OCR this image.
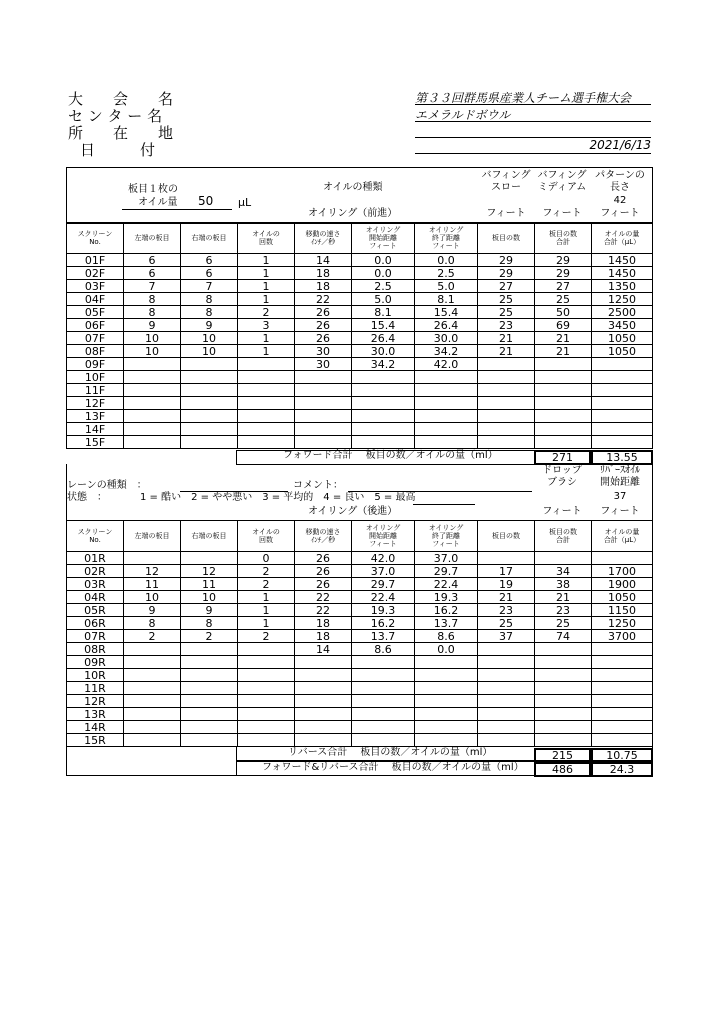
大　　会　　名
セ ン タ ー 名
所　　在　　地
日　　　付
第３３回群馬県産業人チーム選手権大会
エメラルドボウル
2021/6/13
板目１枚の
オイル量 50 μL
オイルの種類
バフィング
スロー
バフィング
ミディアム
パターンの
長さ
42
フィート	フィート	フィート
オイリング（前進）
スクリーン
No.	左端の板目	右端の板目	オイルの
回数	移動の速さ
ｲﾝﾁ／秒	オイリング
開始距離
フィート	オイリング
終了距離
フィート	板目の数	板目の数
合計	オイルの量
合計（μL）
01F	6	6	1	14	0.0	0.0	29	29	1450
02F	6	6	1	18	0.0	2.5	29	29	1450
03F	7	7	1	18	2.5	5.0	27	27	1350
04F	8	8	1	22	5.0	8.1	25	25	1250
05F	8	8	2	26	8.1	15.4	25	50	2500
06F	9	9	3	26	15.4	26.4	23	69	3450
07F	10	10	1	26	26.4	30.0	21	21	1050
08F	10	10	1	30	30.0	34.2	21	21	1050
09F				30	34.2	42.0			
10F									
11F									
12F									
13F									
14F									
15F									
フォワード合計　 板目の数／オイルの量（ml）	271	13.55
レーンの種類　：	コメント：
状態　：	1 = 酷い　2 = やや悪い　3 = 平均的　4 = 良い　5 = 最高
ドロップ
ブラシ
ﾘﾊﾞｰｽｵｲﾙ
開始距離
37
フィート	フィート
オイリング（後進）
スクリーン
No.	左端の板目	右端の板目	オイルの
回数	移動の速さ
ｲﾝﾁ／秒	オイリング
開始距離
フィート	オイリング
終了距離
フィート	板目の数	板目の数
合計	オイルの量
合計（μL）
01R			0	26	42.0	37.0			
02R	12	12	2	26	37.0	29.7	17	34	1700
03R	11	11	2	26	29.7	22.4	19	38	1900
04R	10	10	1	22	22.4	19.3	21	21	1050
05R	9	9	1	22	19.3	16.2	23	23	1150
06R	8	8	1	18	16.2	13.7	25	25	1250
07R	2	2	2	18	13.7	8.6	37	74	3700
08R				14	8.6	0.0			
09R									
10R									
11R									
12R									
13R									
14R									
15R									
リバース合計　 板目の数／オイルの量（ml）	215	10.75
フォワード&リバース合計　 板目の数／オイルの量（ml）	486	24.3
